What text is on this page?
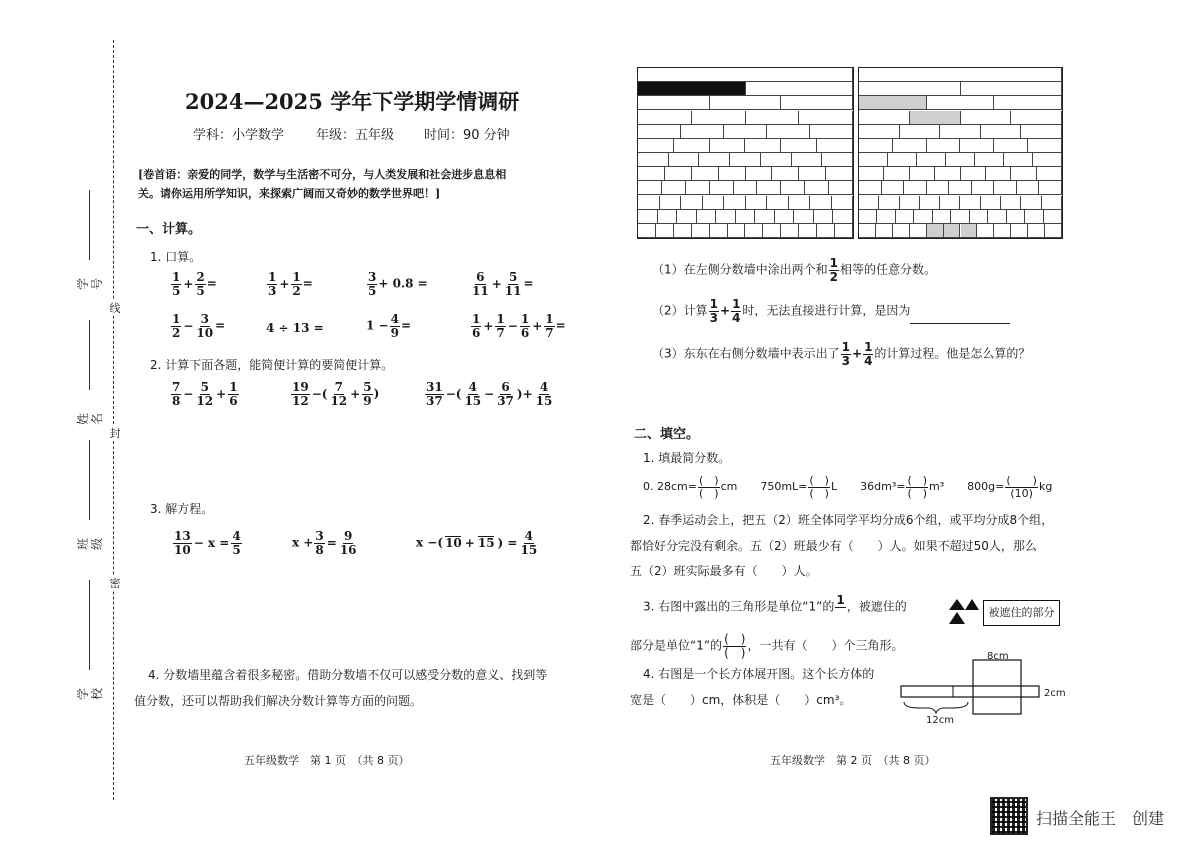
学号
姓名
班级
学校
线
封
密
2024—2025 学年下学期学情调研
学科：小学数学 年级：五年级 时间：90 分钟
[卷首语：亲爱的同学，数学与生活密不可分，与人类发展和社会进步息息相
关。请你运用所学知识，来探索广阔而又奇妙的数学世界吧！]
一、计算。
1. 口算。
$\frac{1}{5} + \frac{2}{5}$ =	$\frac{1}{3} + \frac{1}{2}$ =	$\frac{3}{5} + 0.8$ =	$\frac{6}{11} + \frac{5}{11}$ =
$\frac{1}{2} - \frac{3}{10}$ =	4 ÷ 13 =	$1 - \frac{4}{9}$ =	$\frac{1}{6} + \frac{1}{7} - \frac{1}{6} + \frac{1}{7}$ =
2. 计算下面各题，能简便计算的要简便计算。
$\frac{7}{8} - \frac{5}{12} + \frac{1}{6}$	$\frac{19}{12}$ −( $\frac{7}{12} + \frac{5}{9}$ )	$\frac{31}{37}$ −( $\frac{4}{15} - \frac{6}{37}$ )+ $\frac{4}{15}$
3. 解方程。
$\frac{13}{10} - x = \frac{4}{5}$	$x + \frac{3}{8} = \frac{9}{16}$	x −( 10 + 15 ) = $\frac{4}{15}$
4. 分数墙里蕴含着很多秘密。借助分数墙不仅可以感受分数的意义、找到等
值分数，还可以帮助我们解决分数计算等方面的问题。
五年级数学　第 1 页　（共 8 页）
（1）在左侧分数墙中涂出两个和 $\frac{1}{2}$ 相等的任意分数。
（2）计算 $\frac{1}{3} + \frac{1}{4}$ 时，无法直接进行计算，是因为
（3）东东在右侧分数墙中表示出了 $\frac{1}{3} + \frac{1}{4}$ 的计算过程。他是怎么算的？
二、填空。
1. 填最简分数。
0. 28cm= (　)
(　) cm 750mL= (　)
(　) L 36dm³= (　)
(　) m³ 800g= (　　)
(10) kg
2. 春季运动会上，把五（2）班全体同学平均分成6个组，或平均分成8个组，
都恰好分完没有剩余。五（2）班最少有（　　）人。如果不超过50人，那么
五（2）班实际最多有（　　）人。
3. 右图中露出的三角形是单位“1”的 1
，被遮住的
部分是单位“1”的 (　)
(　) ，一共有（　　）个三角形。
被遮住的部分
4. 右图是一个长方体展开图。这个长方体的
宽是（　　）cm，体积是（　　）cm³。
8cm
2cm
12cm
五年级数学　第 2 页　（共 8 页）
扫描全能王　创建
